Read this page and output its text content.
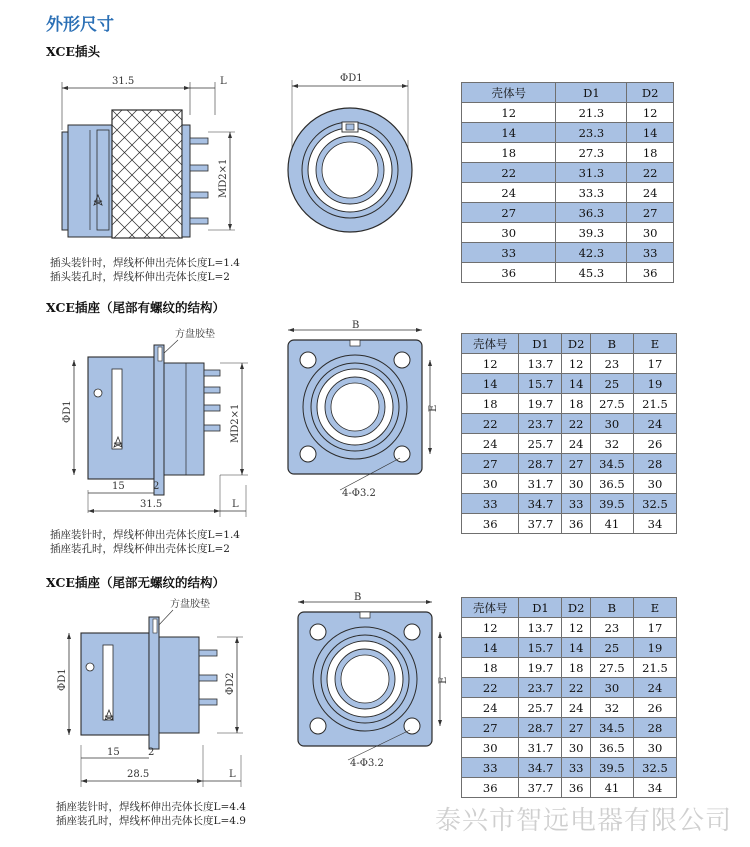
外形尺寸
XCE插头
31.5	L
MD2×1
ΦD1
壳体号	D1	D2
12	21.3	12
14	23.3	14
18	27.3	18
22	31.3	22
24	33.3	24
27	36.3	27
30	39.3	30
33	42.3	33
36	45.3	36
插头装针时，焊线杯伸出壳体长度L=1.4
插头装孔时，焊线杯伸出壳体长度L=2
XCE插座（尾部有螺纹的结构）
方盘胶垫
ΦD1	MD2×1
15	2
31.5	L
B
E
4-Φ3.2
壳体号	D1	D2	B	E
12	13.7	12	23	17
14	15.7	14	25	19
18	19.7	18	27.5	21.5
22	23.7	22	30	24
24	25.7	24	32	26
27	28.7	27	34.5	28
30	31.7	30	36.5	30
33	34.7	33	39.5	32.5
36	37.7	36	41	34
插座装针时，焊线杯伸出壳体长度L=1.4
插座装孔时，焊线杯伸出壳体长度L=2
XCE插座（尾部无螺纹的结构）
方盘胶垫
ΦD1	ΦD2
15	2
28.5	L
B
E
4-Φ3.2
壳体号	D1	D2	B	E
12	13.7	12	23	17
14	15.7	14	25	19
18	19.7	18	27.5	21.5
22	23.7	22	30	24
24	25.7	24	32	26
27	28.7	27	34.5	28
30	31.7	30	36.5	30
33	34.7	33	39.5	32.5
36	37.7	36	41	34
插座装针时，焊线杯伸出壳体长度L=4.4
插座装孔时，焊线杯伸出壳体长度L=4.9	泰兴市智远电器有限公司
